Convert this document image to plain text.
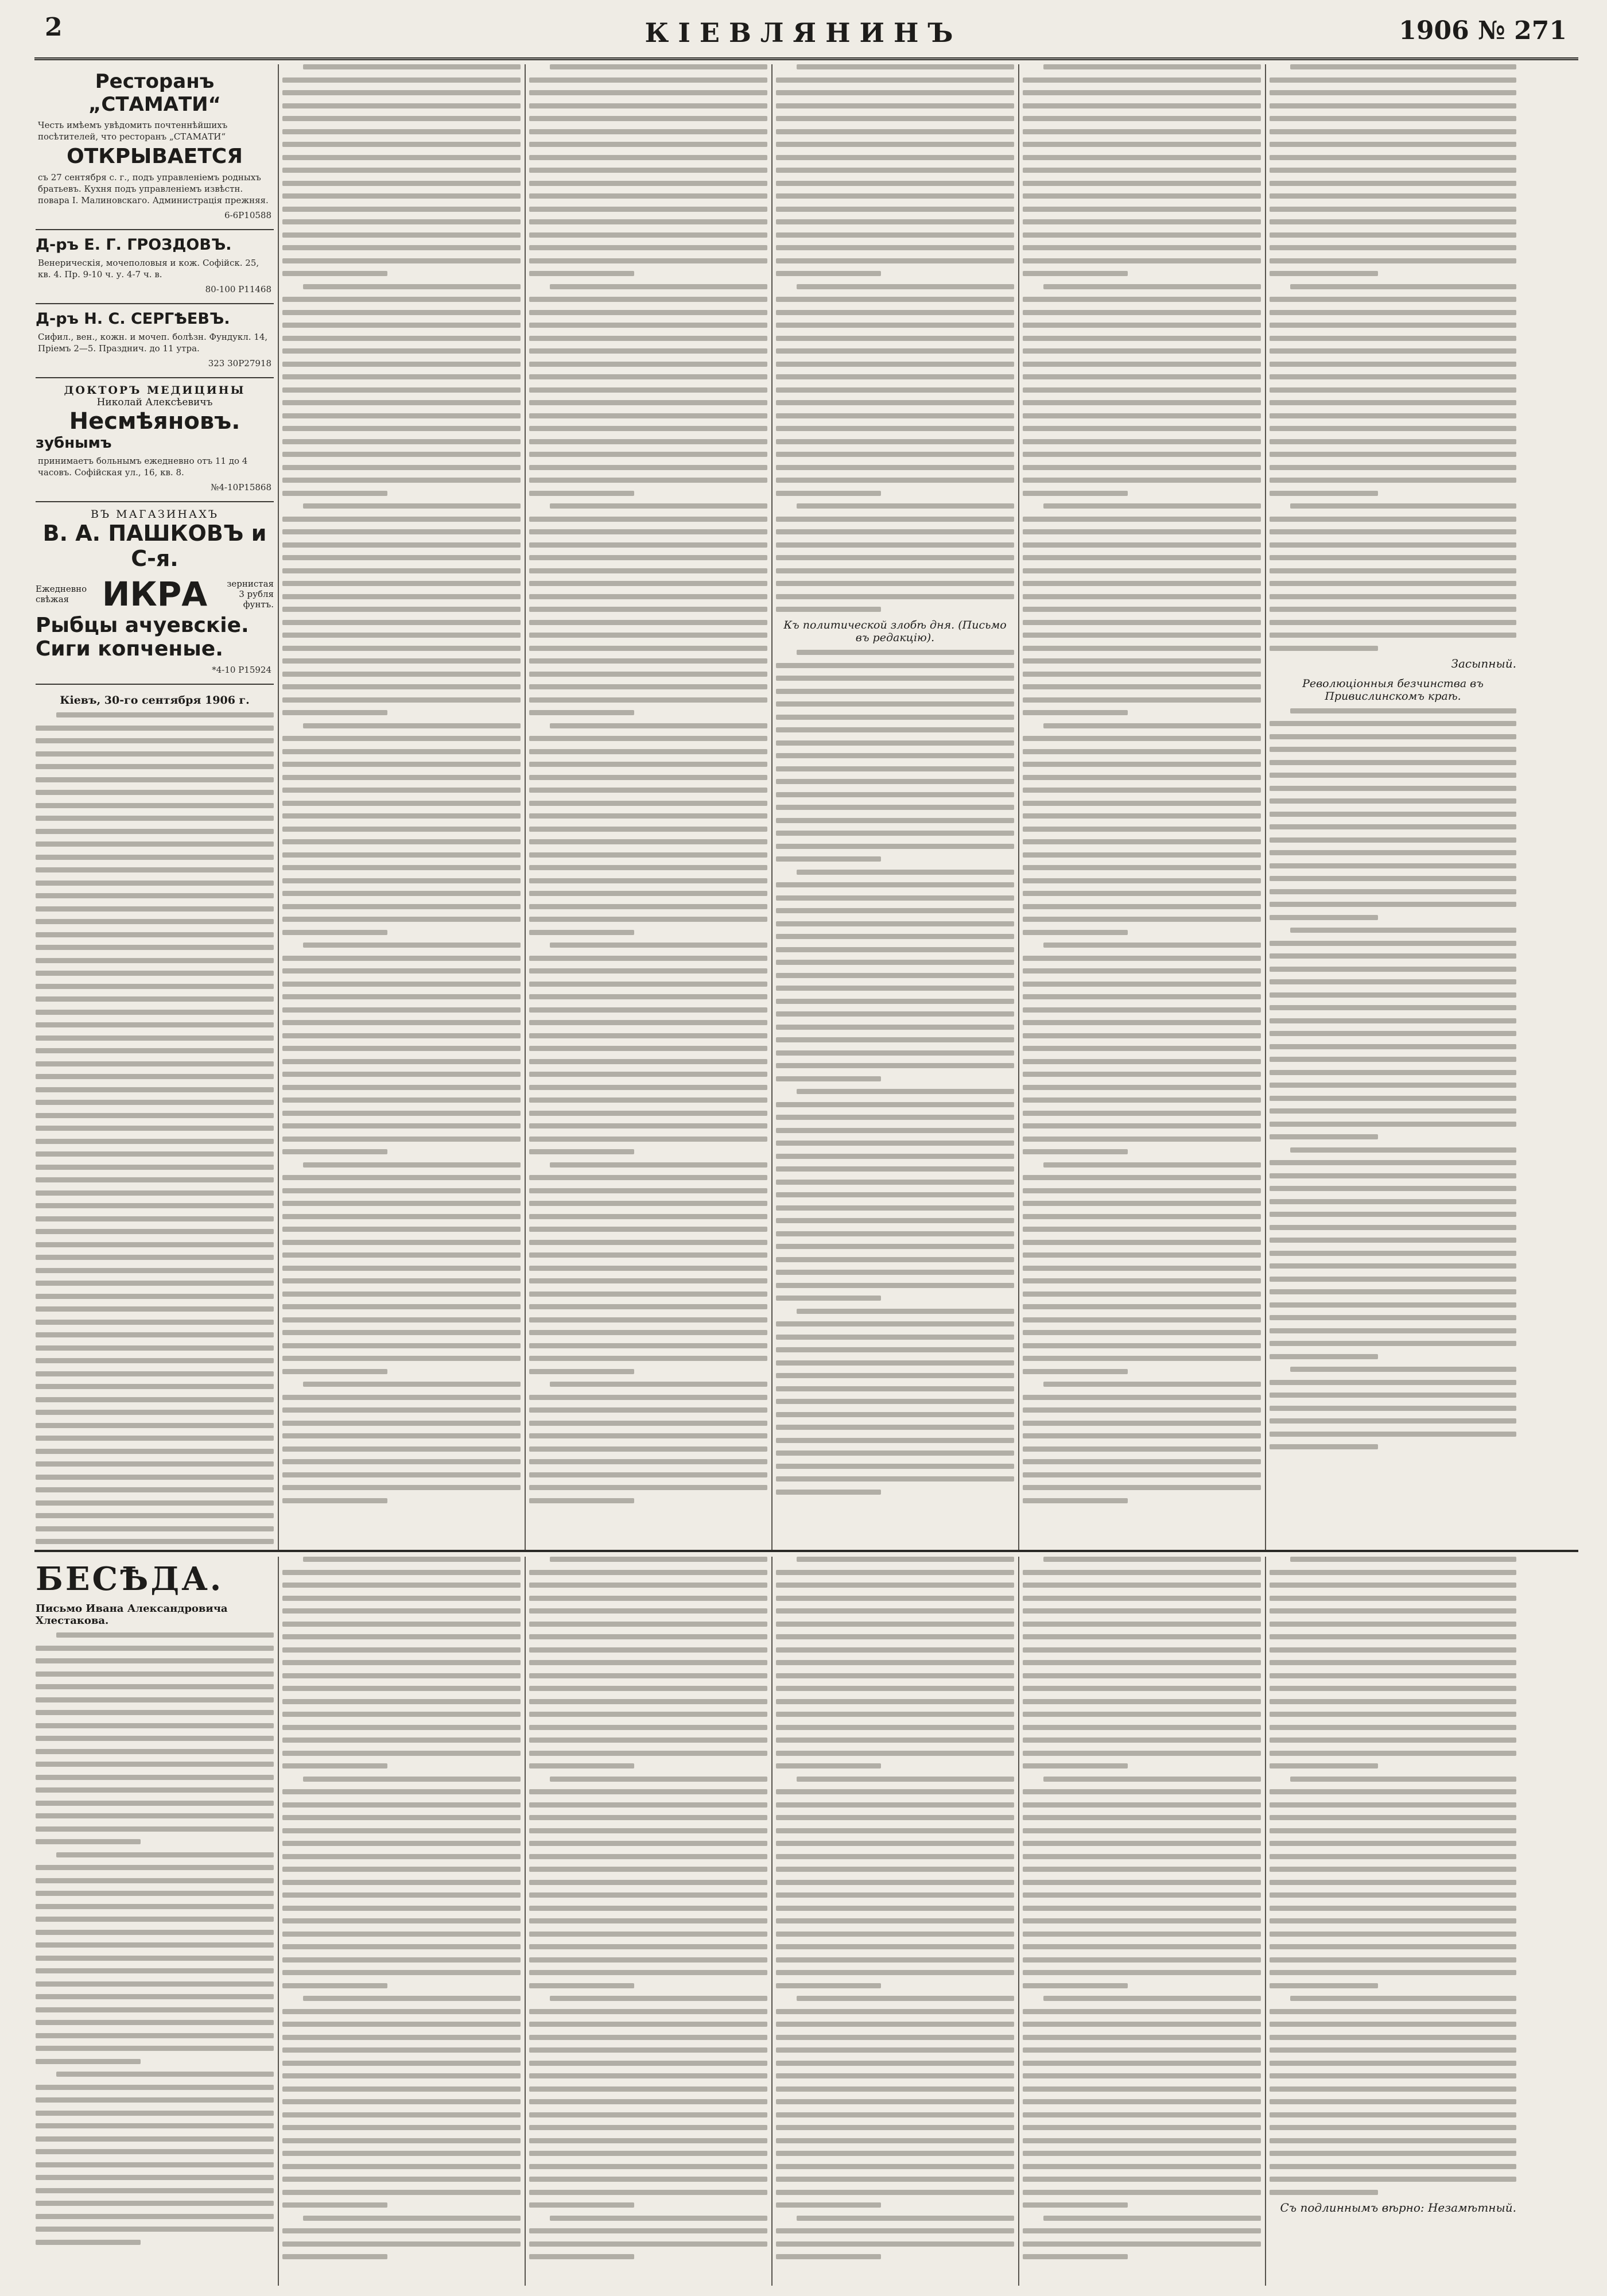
2	КІЕВЛЯНИНЪ	1906 № 271
Ресторанъ „СТАМАТИ“
Честь имѣемъ увѣдомить почтеннѣйшихъ посѣтителей, что ресторанъ „СТАМАТИ“
ОТКРЫВАЕТСЯ
съ 27 сентября с. г., подъ управленіемъ родныхъ братьевъ. Кухня подъ управленіемъ извѣстн. повара І. Малиновскаго. Администрація прежняя.
6-6Р10588
Д-ръ Е. Г. ГРОЗДОВЪ.
Венерическія, мочеполовыя и кож. Софійск. 25, кв. 4. Пр. 9-10 ч. у. 4-7 ч. в.
80-100 Р11468
Д-ръ Н. С. СЕРГѢЕВЪ.
Сифил., вен., кожн. и мочеп. болѣзн. Фундукл. 14, Пріемъ 2—5. Празднич. до 11 утра.
323 30Р27918
ДОКТОРЪ МЕДИЦИНЫ
Николай Алексѣевичъ
Несмѣяновъ.
зубнымъ
принимаетъ больнымъ ежедневно отъ 11 до 4 часовъ. Софійская ул., 16, кв. 8.
№4-10Р15868
ВЪ МАГАЗИНАХЪ
В. А. ПАШКОВЪ и С-я.
Ежедневно свѣжая ИКРА	зернистая 3 рубля фунтъ.
Рыбцы ачуевскіе.
Сиги копченые.
*4-10 Р15924
Кіевъ, 30-го сентября 1906 г.
Къ политической злобѣ дня. (Письмо въ редакцію).
Засыпный.
Революціонныя безчинства въ Привислинскомъ краѣ.
БЕСѢДА.
Письмо Ивана Александровича Хлестакова.
Съ подлиннымъ вѣрно: Незамѣтный.
